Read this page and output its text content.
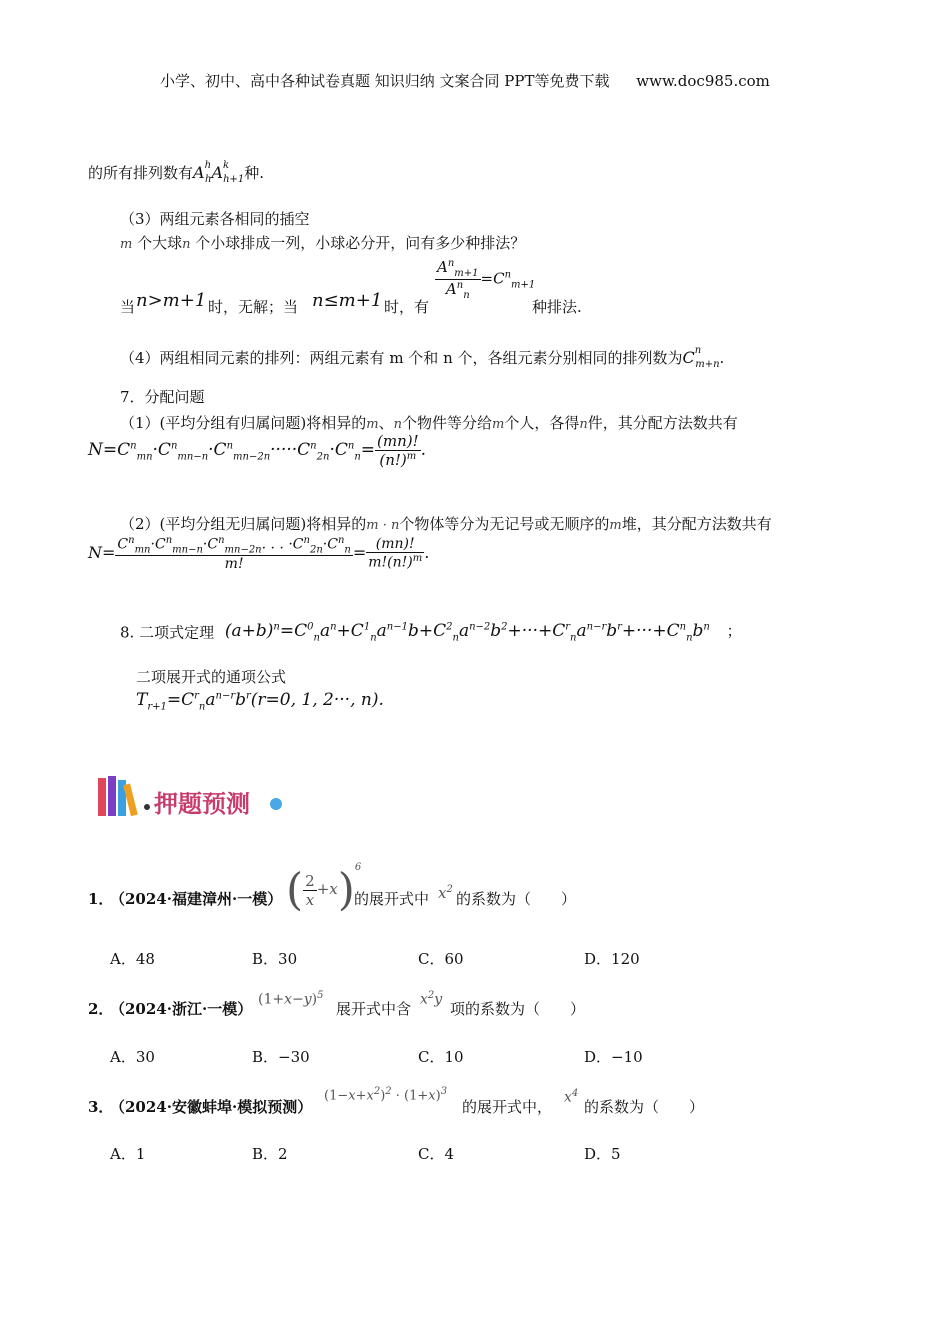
小学、初中、高中各种试卷真题 知识归纳 文案合同 PPT等免费下载 www.doc985.com
的所有排列数有$A^h_hA^k_{h+1}$种.
（3）两组元素各相同的插空
m 个大球n 个小球排成一列，小球必分开，问有多少种排法？
当 n>m+1 时，无解；当 n≤m+1 时，有
$\frac{A^n_{m+1}}{A^n_n} =C^n_{m+1}$
种排法.
（4）两组相同元素的排列：两组元素有 m 个和 n 个，各组元素分别相同的排列数为$C^n_{m+n}$.
7．分配问题
（1）(平均分组有归属问题)将相异的m、n个物件等分给m个人，各得n件，其分配方法数共有
$N=C^n_{mn}\cdot C^n_{mn-n}\cdot C^n_{mn-2n}\cdot\cdot\cdot\cdot\cdot C^n_{2n}\cdot C^n_n= \frac{(mn)!}{(n!)^m}$ .
（2）(平均分组无归属问题)将相异的m · n个物体等分为无记号或无顺序的m堆，其分配方法数共有
$N= \frac{C^n_{mn}\cdot C^n_{mn-n}\cdot C^n_{mn-2n}. . . \cdot C^n_{2n}\cdot C^n_n}{m!} = \frac{(mn)!}{m!(n!)^m}$ .
8. 二项式定理 $(a+b)^n=C^0_na^n+C^1_na^{n-1}b+C^2_na^{n-2}b^2+\cdot\cdot\cdot+C^r_na^{n-r}b^r+\cdot\cdot\cdot+C^n_nb^n$ ；
二项展开式的通项公式
$T_{r+1}=C^r_na^{n-r}b^r(r=0$, 1, 2···, n).
押题预测
1．
（2024·福建漳州·一模） ( $\frac{2}{x} +x)^6$
的展开式中 $x^2$
的系数为（　　）
A．48	B．30	C．60	D．120
2．
（2024·浙江·一模）
$(1+x-y)^5$
展开式中含
$x^2y$
项的系数为（　　）
A．30	B．−30	C．10	D．−10
3．
（2024·安徽蚌埠·模拟预测）
$(1-x+x^2)^2 \cdot (1+x)^3$
的展开式中，
$x^4$
的系数为（　　）
A．1	B．2	C．4	D．5
